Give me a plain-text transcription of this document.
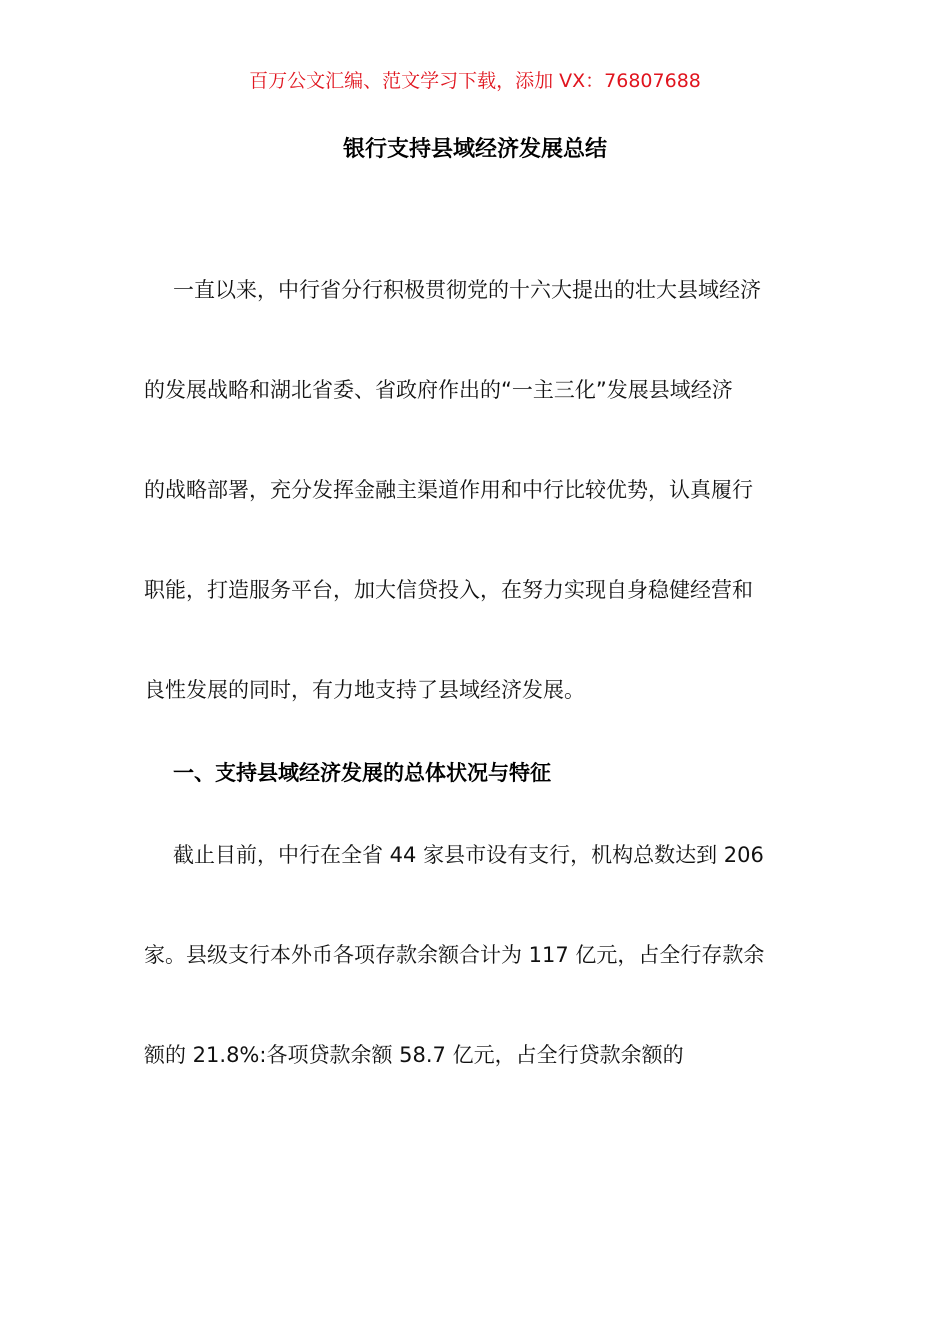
百万公文汇编、范文学习下载，添加 VX：76807688
银行支持县域经济发展总结
一直以来，中行省分行积极贯彻党的十六大提出的壮大县域经济
的发展战略和湖北省委、省政府作出的“一主三化”发展县域经济
的战略部署，充分发挥金融主渠道作用和中行比较优势，认真履行
职能，打造服务平台，加大信贷投入，在努力实现自身稳健经营和
良性发展的同时，有力地支持了县域经济发展。
一、支持县域经济发展的总体状况与特征
截止目前，中行在全省 44 家县市设有支行，机构总数达到 206
家。县级支行本外币各项存款余额合计为 117 亿元，占全行存款余
额的 21.8%:各项贷款余额 58.7 亿元，占全行贷款余额的
